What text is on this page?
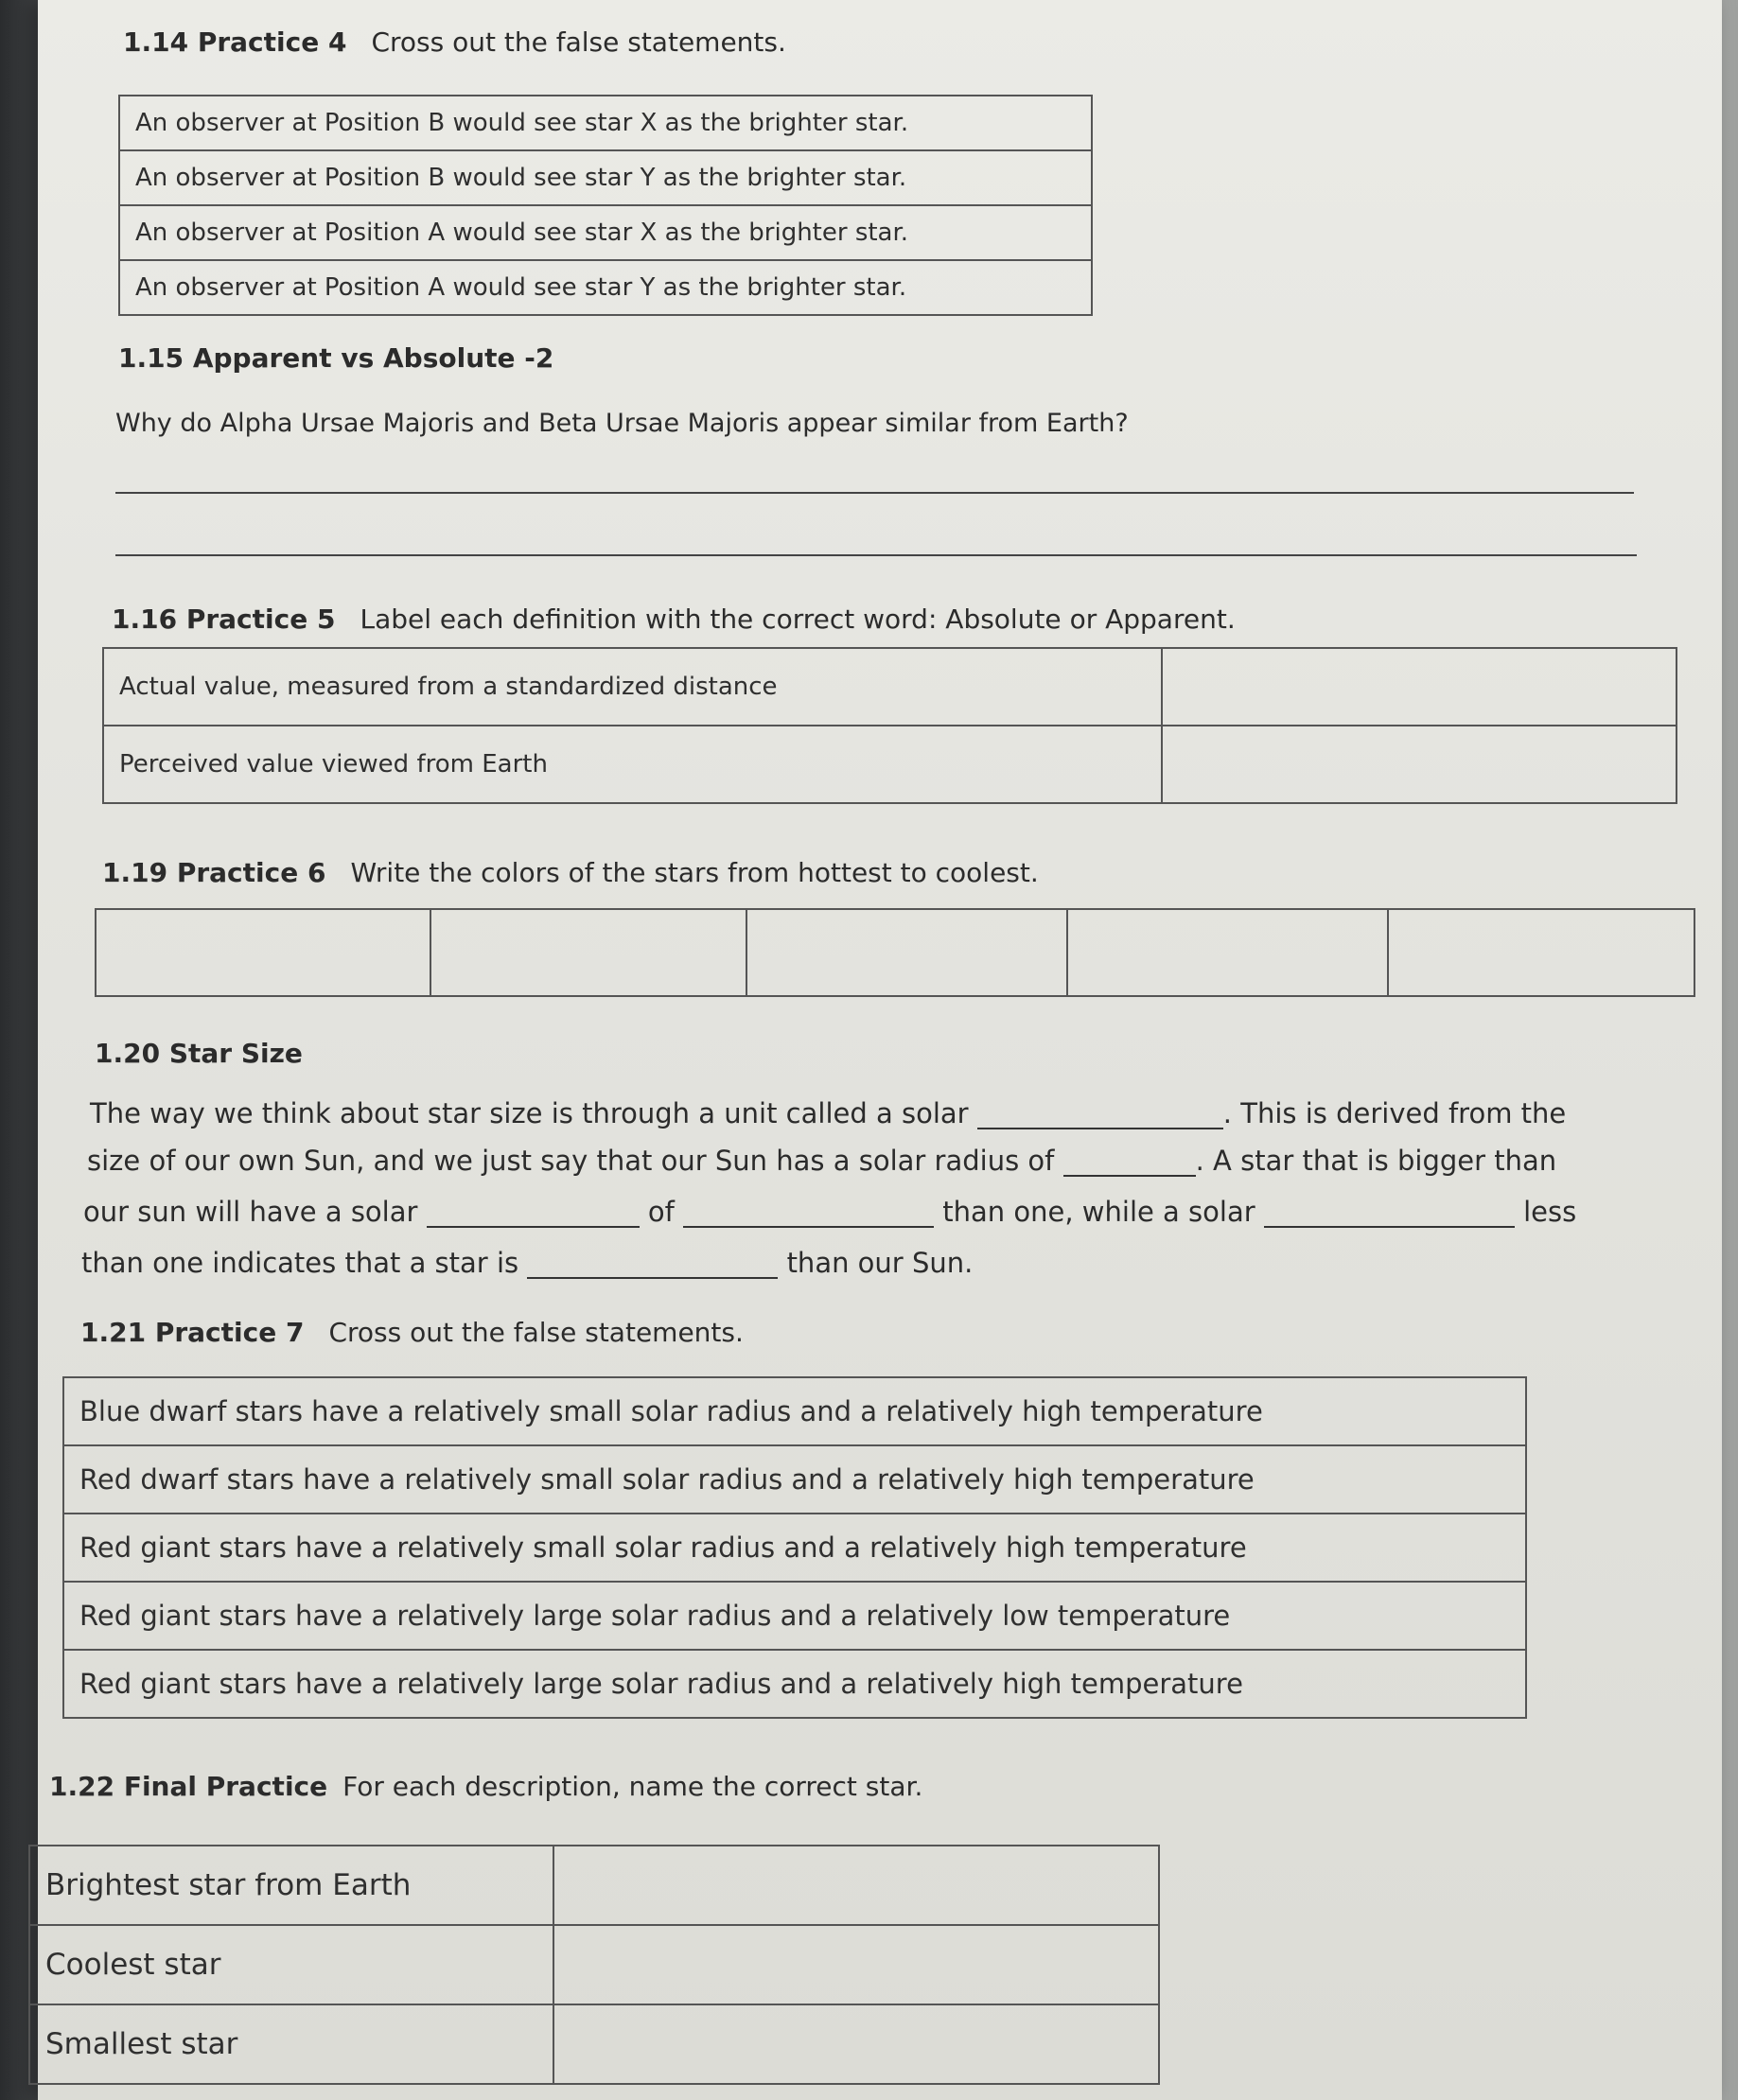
1.14 Practice 4 Cross out the false statements.
An observer at Position B would see star X as the brighter star.
An observer at Position B would see star Y as the brighter star.
An observer at Position A would see star X as the brighter star.
An observer at Position A would see star Y as the brighter star.
1.15 Apparent vs Absolute -2
Why do Alpha Ursae Majoris and Beta Ursae Majoris appear similar from Earth?
1.16 Practice 5 Label each definition with the correct word: Absolute or Apparent.
Actual value, measured from a standardized distance	
Perceived value viewed from Earth	
1.19 Practice 6 Write the colors of the stars from hottest to coolest.

1.20 Star Size
The way we think about star size is through a unit called a solar	. This is derived from the
size of our own Sun, and we just say that our Sun has a solar radius of	. A star that is bigger than
our sun will have a solar	of	than one, while a solar	less
than one indicates that a star is	than our Sun.
1.21 Practice 7 Cross out the false statements.
Blue dwarf stars have a relatively small solar radius and a relatively high temperature
Red dwarf stars have a relatively small solar radius and a relatively high temperature
Red giant stars have a relatively small solar radius and a relatively high temperature
Red giant stars have a relatively large solar radius and a relatively low temperature
Red giant stars have a relatively large solar radius and a relatively high temperature
1.22 Final Practice For each description, name the correct star.
Brightest star from Earth	
Coolest star	
Smallest star	
